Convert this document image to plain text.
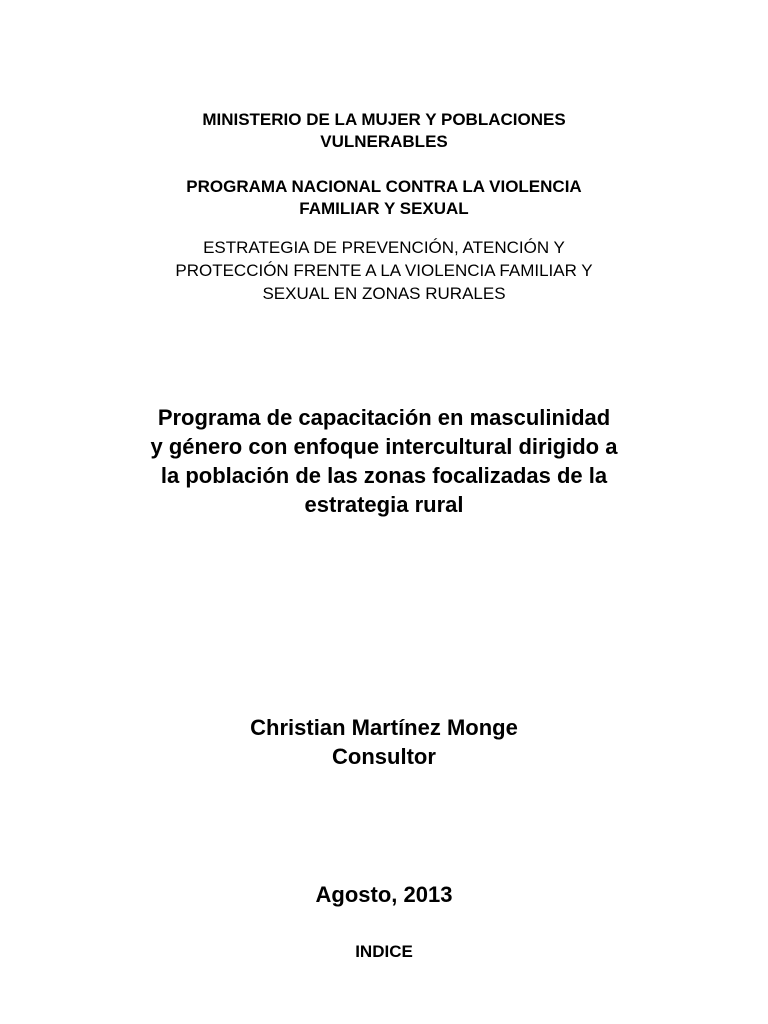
MINISTERIO DE LA MUJER Y POBLACIONES
VULNERABLES
PROGRAMA NACIONAL CONTRA LA VIOLENCIA
FAMILIAR Y SEXUAL
ESTRATEGIA DE PREVENCIÓN, ATENCIÓN Y
PROTECCIÓN FRENTE A LA VIOLENCIA FAMILIAR Y
SEXUAL EN ZONAS RURALES
Programa de capacitación en masculinidad
y género con enfoque intercultural dirigido a
la población de las zonas focalizadas de la
estrategia rural
Christian Martínez Monge
Consultor
Agosto, 2013
INDICE
